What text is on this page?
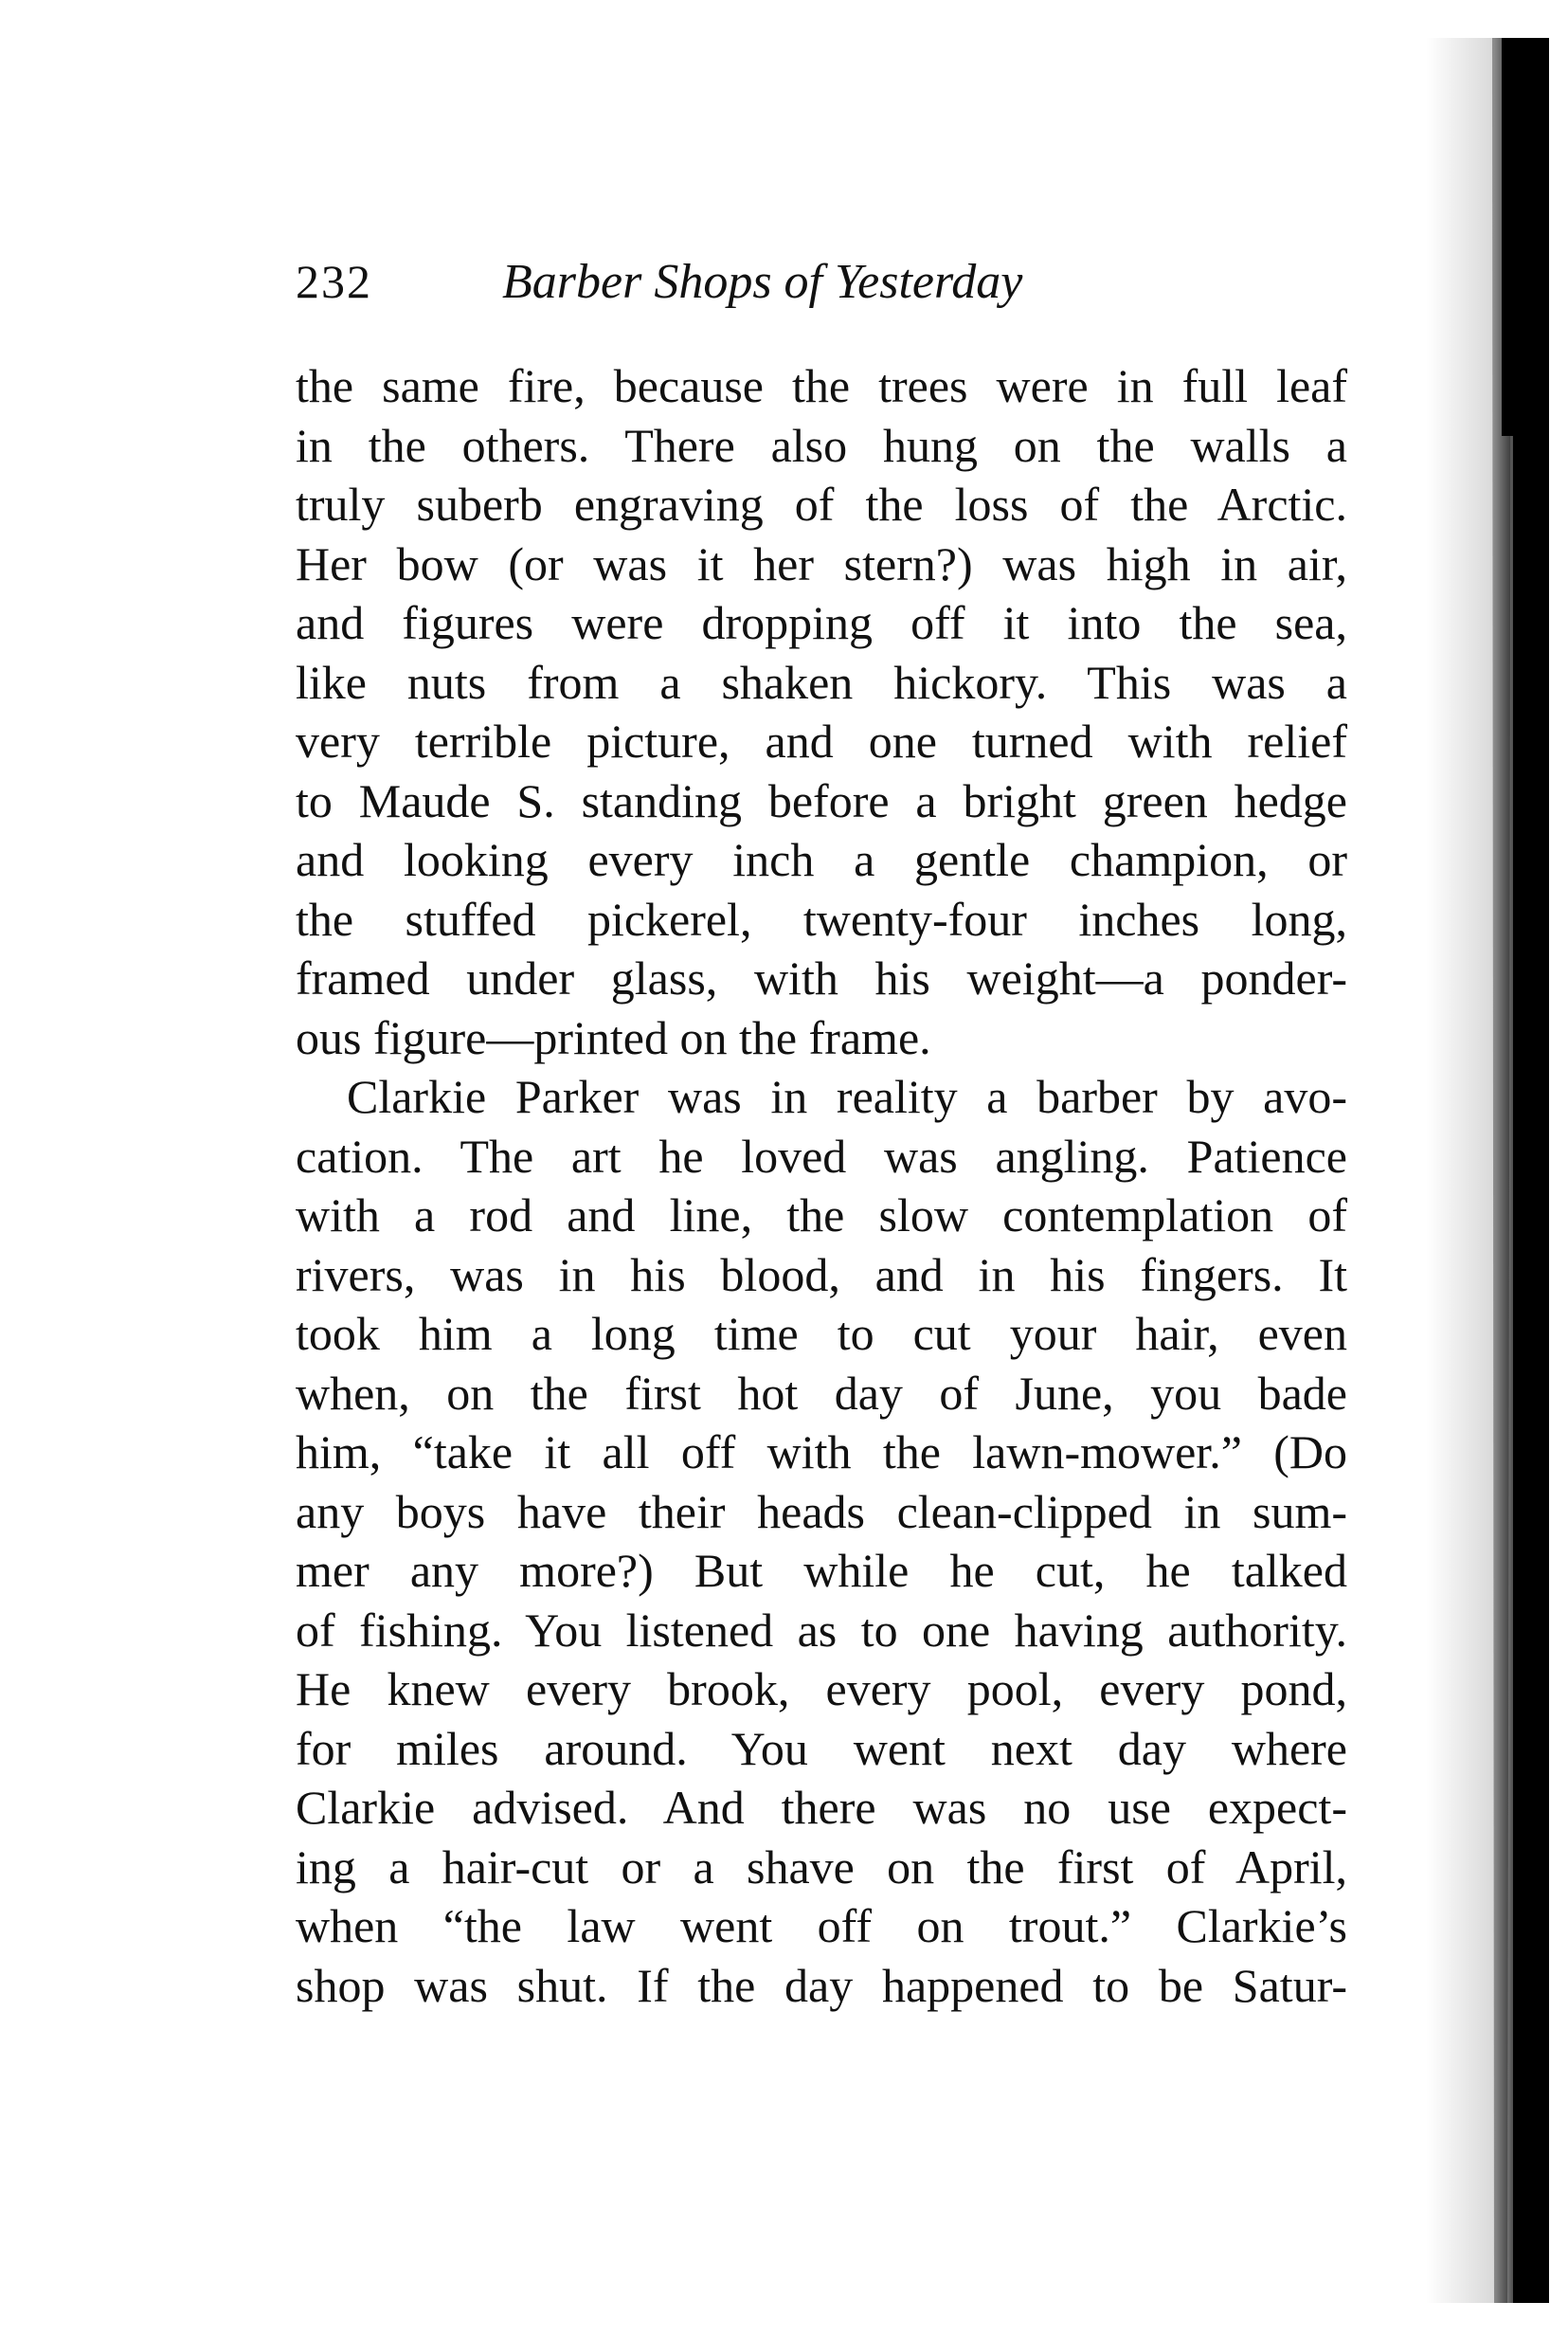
232	Barber Shops of Yesterday
the same fire, because the trees were in full leaf
in the others. There also hung on the walls a
truly suberb engraving of the loss of the Arctic.
Her bow (or was it her stern?) was high in air,
and figures were dropping off it into the sea,
like nuts from a shaken hickory. This was a
very terrible picture, and one turned with relief
to Maude S. standing before a bright green hedge
and looking every inch a gentle champion, or
the stuffed pickerel, twenty-four inches long,
framed under glass, with his weight—a ponder-
ous figure—printed on the frame.
Clarkie Parker was in reality a barber by avo-
cation. The art he loved was angling. Patience
with a rod and line, the slow contemplation of
rivers, was in his blood, and in his fingers. It
took him a long time to cut your hair, even
when, on the first hot day of June, you bade
him, “take it all off with the lawn-mower.” (Do
any boys have their heads clean-clipped in sum-
mer any more?) But while he cut, he talked
of fishing. You listened as to one having authority.
He knew every brook, every pool, every pond,
for miles around. You went next day where
Clarkie advised. And there was no use expect-
ing a hair-cut or a shave on the first of April,
when “the law went off on trout.” Clarkie’s
shop was shut. If the day happened to be Satur-
